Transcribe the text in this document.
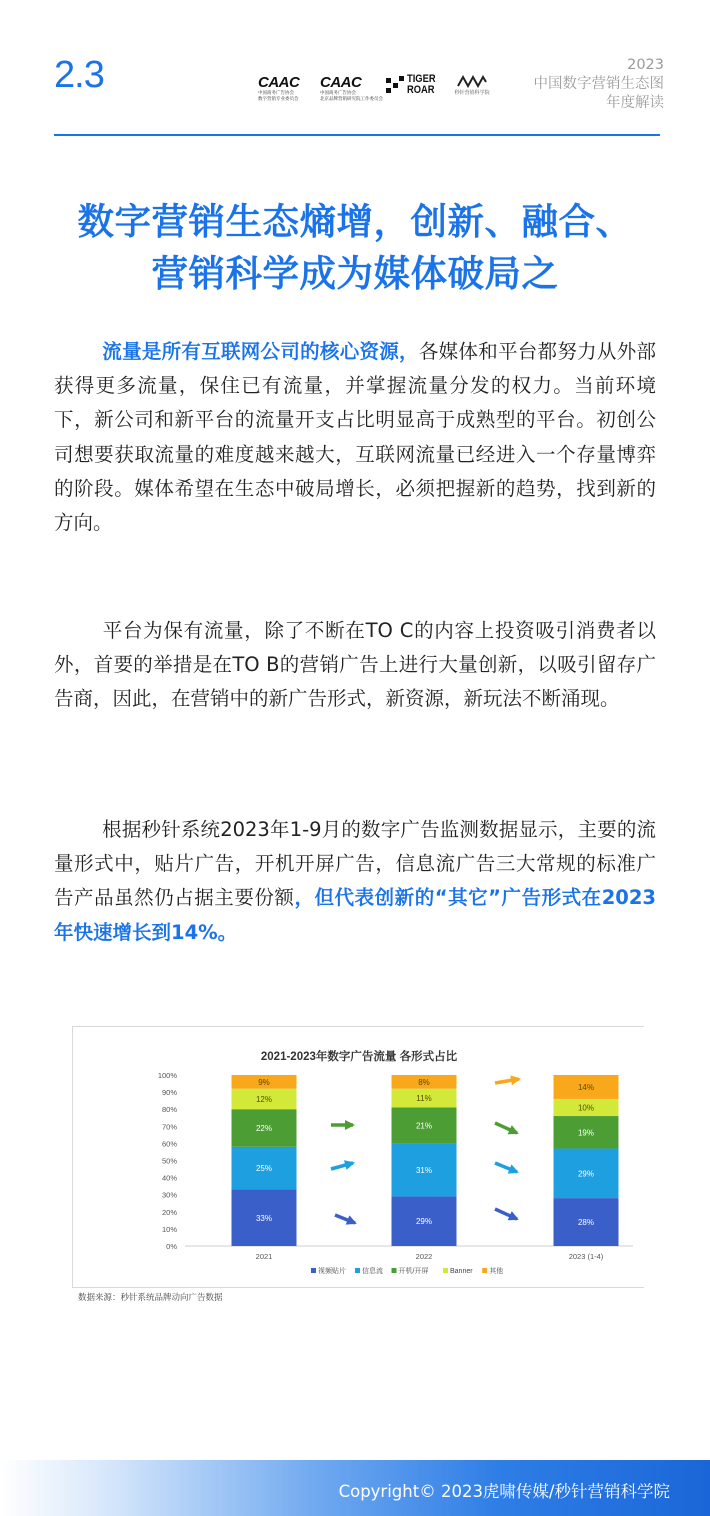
2.3	CAAC
中国商务广告协会
数字营销专业委员会
CAAC
中国商务广告协会
北京品牌营销研究院工作委员会
TIGER
ROAR	秒针营销科学院
2023
中国数字营销生态图
年度解读
数字营销生态熵增，创新、融合、
营销科学成为媒体破局之
流量是所有互联网公司的核心资源，各媒体和平台都努力从外部获得更多流量，保住已有流量，并掌握流量分发的权力。当前环境下，新公司和新平台的流量开支占比明显高于成熟型的平台。初创公司想要获取流量的难度越来越大，互联网流量已经进入一个存量博弈的阶段。媒体希望在生态中破局增长，必须把握新的趋势，找到新的方向。
平台为保有流量，除了不断在TO C的内容上投资吸引消费者以外，首要的举措是在TO B的营销广告上进行大量创新，以吸引留存广告商，因此，在营销中的新广告形式，新资源，新玩法不断涌现。
根据秒针系统2023年1-9月的数字广告监测数据显示，主要的流量形式中，贴片广告，开机开屏广告，信息流广告三大常规的标准广告产品虽然仍占据主要份额，但代表创新的“其它”广告形式在2023年快速增长到14%。
2021-2023年数字广告流量 各形式占比
0%
10%
20%
30%
40%
50%
60%
70%
80%
90%
100%
33%
25%
22%
12%
9%
2021
29%
31%
21%
11%
8%
2022
28%
29%
19%
10%
14%
2023 (1-4)
视频贴片 信息流 开机/开屏	Banner 其他
数据来源：秒针系统品牌动向广告数据
Copyright© 2023虎啸传媒/秒针营销科学院
